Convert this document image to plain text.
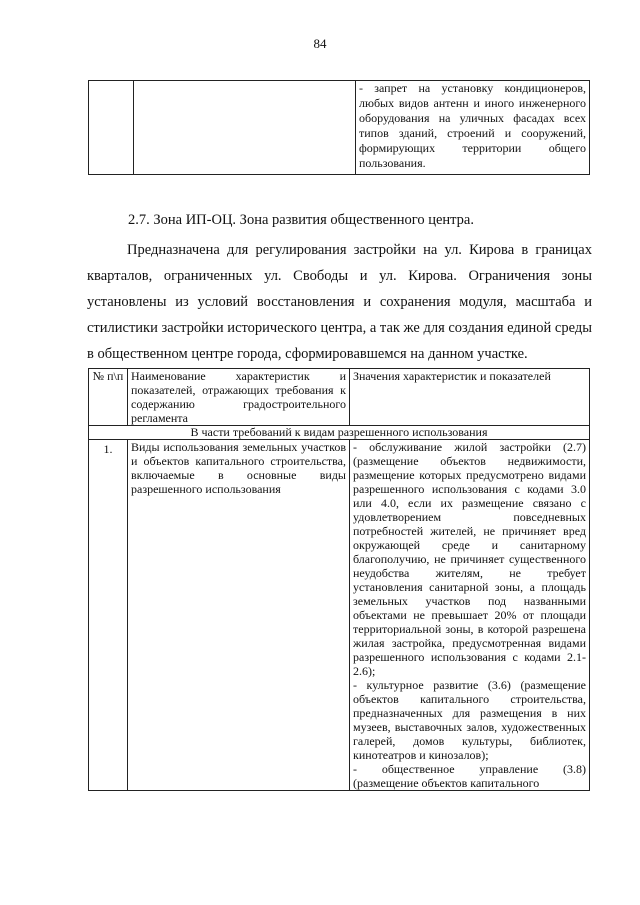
84

- запрет на установку кондиционеров, любых видов антенн и иного инженерного оборудования на уличных фасадах всех типов зданий, строений и сооружений, формирующих территории общего пользования.
2.7. Зона ИП-ОЦ. Зона развития общественного центра.

Предназначена для регулирования застройки на ул. Кирова в границах кварталов, ограниченных ул. Свободы и ул. Кирова. Ограничения зоны установлены из условий восстановления и сохранения модуля, масштаба и стилистики застройки исторического центра, а так же для создания единой среды в общественном центре города, сформировавшемся на данном участке.

№ п\п	Наименование характеристик и показателей, отражающих требования к содержанию градостроительного регламента	Значения характеристик и показателей
В части требований к видам разрешенного использования		
1.	Виды использования земельных участков и объектов капитального строительства, включаемые в основные виды разрешенного использования	- обслуживание жилой застройки (2.7) (размещение объектов недвижимости, размещение которых предусмотрено видами разрешенного использования с кодами 3.0 или 4.0, если их размещение связано с удовлетворением повседневных потребностей жителей, не причиняет вред окружающей среде и санитарному благополучию, не причиняет существенного неудобства жителям, не требует установления санитарной зоны, а площадь земельных участков под названными объектами не превышает 20% от площади территориальной зоны, в которой разрешена жилая застройка, предусмотренная видами разрешенного использования с кодами 2.1- 2.6);

- культурное развитие (3.6) (размещение объектов капитального строительства, предназначенных для размещения в них музеев, выставочных залов, художественных галерей, домов культуры, библиотек, кинотеатров и кинозалов);

- общественное управление (3.8) (размещение объектов капитального
